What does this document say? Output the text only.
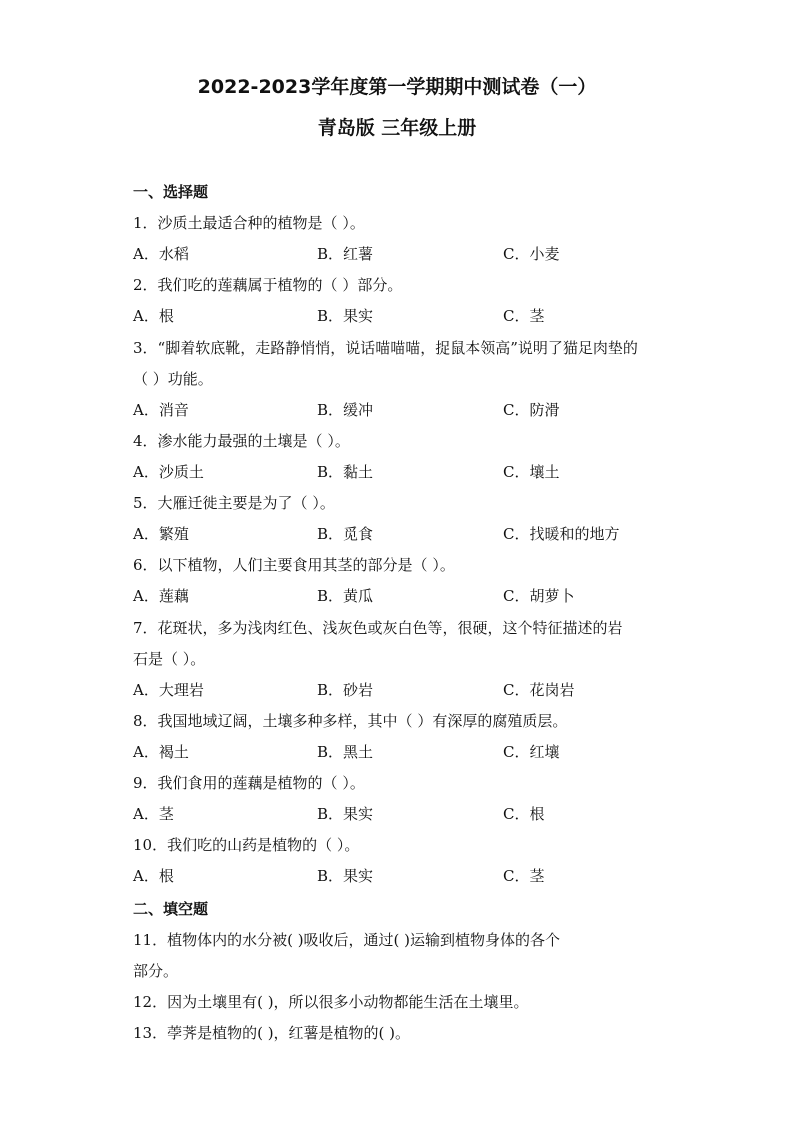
2022-2023学年度第一学期期中测试卷（一）
青岛版 三年级上册
一、选择题
1．沙质土最适合种的植物是（ ）。
A．水稻	B．红薯	C．小麦
2．我们吃的莲藕属于植物的（ ）部分。
A．根	B．果实	C．茎
3．“脚着软底靴，走路静悄悄，说话喵喵喵，捉鼠本领高”说明了猫足肉垫的
（ ）功能。
A．消音	B．缓冲	C．防滑
4．渗水能力最强的土壤是（ ）。
A．沙质土	B．黏土	C．壤土
5．大雁迁徙主要是为了（ ）。
A．繁殖	B．觅食	C．找暖和的地方
6．以下植物，人们主要食用其茎的部分是（ ）。
A．莲藕	B．黄瓜	C．胡萝卜
7．花斑状，多为浅肉红色、浅灰色或灰白色等，很硬，这个特征描述的岩
石是（ ）。
A．大理岩	B．砂岩	C．花岗岩
8．我国地域辽阔，土壤多种多样，其中（ ）有深厚的腐殖质层。
A．褐土	B．黑土	C．红壤
9．我们食用的莲藕是植物的（ ）。
A．茎	B．果实	C．根
10．我们吃的山药是植物的（ ）。
A．根	B．果实	C．茎
二、填空题
11．植物体内的水分被( )吸收后，通过( )运输到植物身体的各个
部分。
12．因为土壤里有( )，所以很多小动物都能生活在土壤里。
13．荸荠是植物的( )，红薯是植物的( )。
